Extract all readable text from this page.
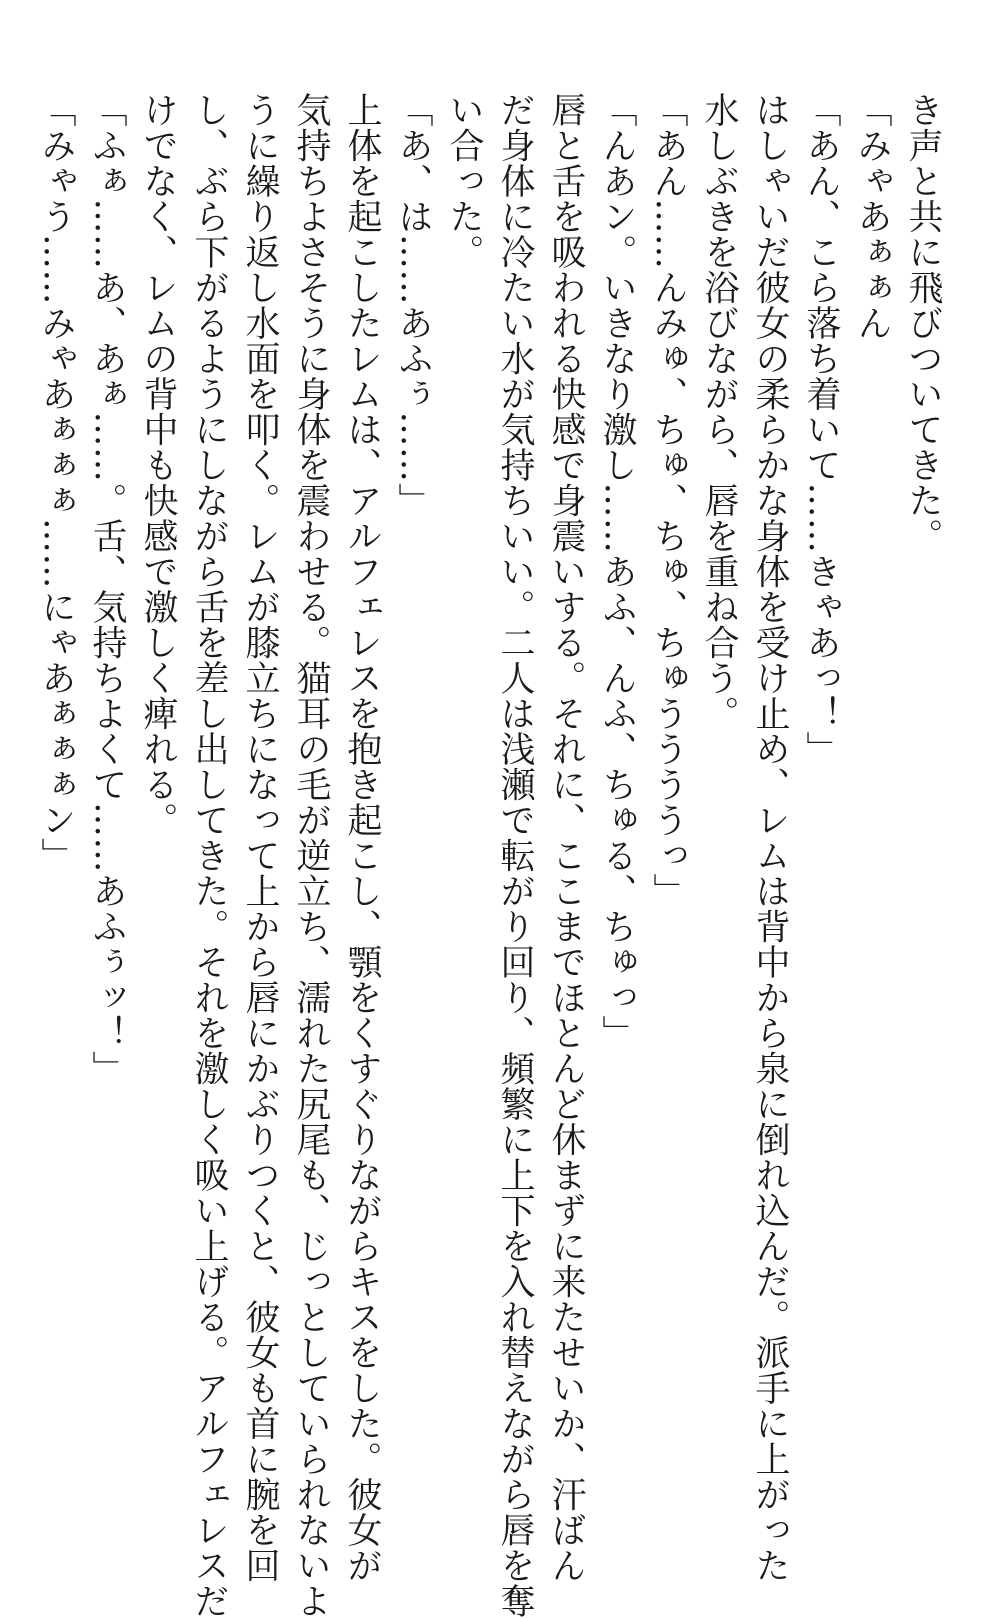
き声と共に飛びついてきた。
「みゃあぁぁん
「あん、こら落ち着いて……きゃあっ！」
はしゃいだ彼女の柔らかな身体を受け止め、レムは背中から泉に倒れ込んだ。派手に上がった
水しぶきを浴びながら、唇を重ね合う。
「あん……んみゅ、ちゅ、ちゅ、ちゅううううっ」
「んあン。いきなり激し……あふ、んふ、ちゅる、ちゅっ」
唇と舌を吸われる快感で身震いする。それに、ここまでほとんど休まずに来たせいか、汗ばん
だ身体に冷たい水が気持ちいい。二人は浅瀬で転がり回り、頻繁に上下を入れ替えながら唇を奪
い合った。
「あ、は……あふぅ……」
上体を起こしたレムは、アルフェレスを抱き起こし、顎をくすぐりながらキスをした。彼女が
気持ちよさそうに身体を震わせる。猫耳の毛が逆立ち、濡れた尻尾も、じっとしていられないよ
うに繰り返し水面を叩く。レムが膝立ちになって上から唇にかぶりつくと、彼女も首に腕を回
し、ぶら下がるようにしながら舌を差し出してきた。それを激しく吸い上げる。アルフェレスだ
けでなく、レムの背中も快感で激しく痺れる。
「ふぁ……あ、あぁ……。舌、気持ちよくて……あふぅッ！」
「みゃう……みゃあぁぁぁ……にゃあぁぁぁン」
